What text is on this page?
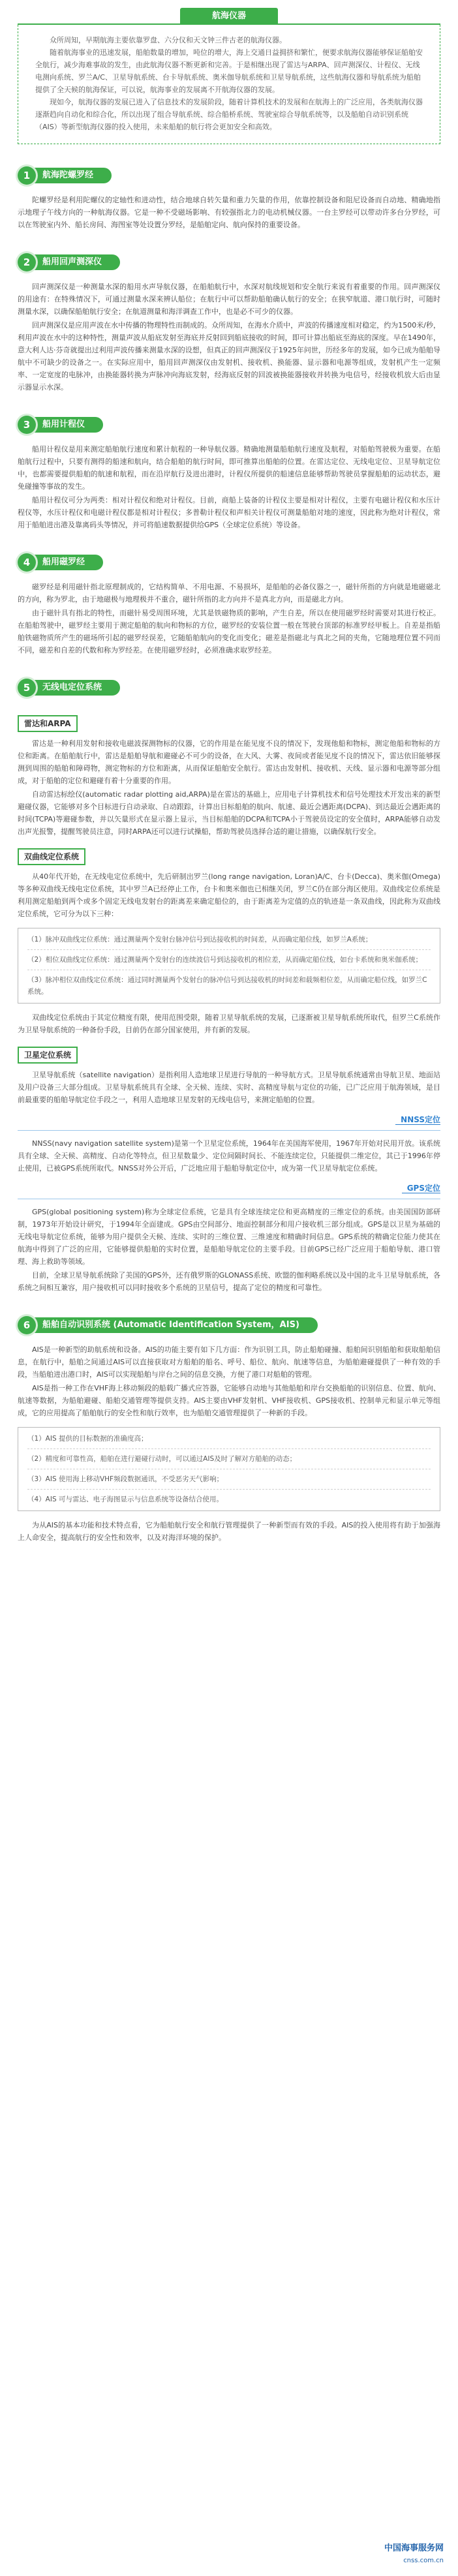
航海仪器

众所周知，早期航海主要依靠罗盘、六分仪和天文钟三件古老的航海仪器。

随着航海事业的迅速发展，船舶数量的增加，吨位的增大，海上交通日益拥挤和繁忙，便要求航海仪器能够保证船舶安全航行，减少海难事故的发生，由此航海仪器不断更新和完善。于是相继出现了雷达与ARPA、回声测深仪、计程仪、无线电测向系统、罗兰A/C、卫星导航系统、台卡导航系统、奥米伽导航系统和卫星导航系统，这些航海仪器和导航系统为船舶提供了全天候的航海保证，可以说，航海事业的发展离不开航海仪器的发展。

现如今，航海仪器的发展已进入了信息技术的发展阶段，随着计算机技术的发展和在航海上的广泛应用，各类航海仪器逐渐趋向自动化和综合化，所以出现了组合导航系统、综合船桥系统、驾驶室综合导航系统等，以及船舶自动识别系统（AIS）等新型航海仪器的投入使用，未来船舶的航行将会更加安全和高效。

1	航海陀螺罗经

陀螺罗经是利用陀螺仪的定轴性和进动性，结合地球自转矢量和重力矢量的作用，依靠控制设备和阻尼设备而自动地、精确地指示地理子午线方向的一种航海仪器。它是一种不受磁场影响、有较强指北力的电动机械仪器。一台主罗经可以带动许多台分罗经，可以在驾驶室内外、船长房间、海图室等处设置分罗经，是船舶定向、航向保持的重要设备。

2	船用回声测深仪

回声测深仪是一种测量水深的船用水声导航仪器，在船舶航行中，水深对航线规划和安全航行来说有着重要的作用。回声测深仪的用途有：在特殊情况下，可通过测量水深来辨认船位；在航行中可以帮助船舶确认航行的安全；在狭窄航道、港口航行时，可随时测量水深，以确保船舶航行安全；在航道测量和海洋调查工作中，也是必不可少的仪器。

回声测深仪是应用声波在水中传播的物理特性而制成的。众所周知，在海水介质中，声波的传播速度相对稳定，约为1500米/秒，利用声波在水中的这种特性，测量声波从船底发射至海底并反射回到船底接收的时间，即可计算出船底至海底的深度。早在1490年，意大利人达·芬奇就提出过利用声波传播来测量水深的设想，但真正的回声测深仪于1925年问世，历经多年的发展，如今已成为船舶导航中不可缺少的设备之一。在实际应用中，船用回声测深仪由发射机、接收机、换能器、显示器和电源等组成，发射机产生一定频率、一定宽度的电脉冲，由换能器转换为声脉冲向海底发射，经海底反射的回波被换能器接收并转换为电信号，经接收机放大后由显示器显示水深。

3	船用计程仪

船用计程仪是用来测定船舶航行速度和累计航程的一种导航仪器。精确地测量船舶航行速度及航程，对船舶驾驶极为重要。在船舶航行过程中，只要有测得的船速和航向，结合船舶的航行时间，即可推算出船舶的位置。在雷达定位、无线电定位、卫星导航定位中，也都需要提供船舶的航速和航程，而在沿岸航行及进出港时，计程仪所提供的船速信息能够帮助驾驶员掌握船舶的运动状态，避免碰撞等事故的发生。

船用计程仪可分为两类：相对计程仪和绝对计程仪。目前，商船上装备的计程仪主要是相对计程仪，主要有电磁计程仪和水压计程仪等，水压计程仪和电磁计程仪都是相对计程仪；多普勒计程仪和声相关计程仪可测量船舶对地的速度，因此称为绝对计程仪，常用于船舶进出港及靠离码头等情况，并可将船速数据提供给GPS（全球定位系统）等设备。

4	船用磁罗经

磁罗经是利用磁针指北原理制成的，它结构简单、不用电源、不易损坏，是船舶的必备仪器之一，磁针所指的方向就是地磁磁北的方向，称为罗北，由于地磁极与地理极并不重合，磁针所指的北方向并不是真北方向，而是磁北方向。

由于磁针具有指北的特性，而磁针易受周围环境，尤其是铁磁物质的影响，产生自差，所以在使用磁罗经时需要对其进行校正。在船舶驾驶中，磁罗经主要用于测定船舶的航向和物标的方位，磁罗经的安装位置一般在驾驶台顶部的标准罗经甲板上。自差是指船舶铁磁物质所产生的磁场所引起的磁罗经误差，它随船舶航向的变化而变化；磁差是指磁北与真北之间的夹角，它随地理位置不同而不同，磁差和自差的代数和称为罗经差。在使用磁罗经时，必须准确求取罗经差。

5	无线电定位系统
雷达和ARPA

雷达是一种利用发射和接收电磁波探测物标的仪器，它的作用是在能见度不良的情况下，发现他船和物标，测定他船和物标的方位和距离。在船舶航行中，雷达是船舶导航和避碰必不可少的设备，在大风、大雾、夜间或者能见度不良的情况下，雷达依旧能够探测到周围的船舶和障碍物，测定物标的方位和距离，从而保证船舶安全航行。雷达由发射机、接收机、天线、显示器和电源等部分组成，对于船舶的定位和避碰有着十分重要的作用。

自动雷达标绘仪(automatic radar plotting aid,ARPA)是在雷达的基础上，应用电子计算机技术和信号处理技术开发出来的新型避碰仪器，它能够对多个目标进行自动录取、自动跟踪，计算出目标船舶的航向、航速、最近会遇距离(DCPA)、到达最近会遇距离的时间(TCPA)等避碰参数，并以矢量形式在显示器上显示，当目标船舶的DCPA和TCPA小于驾驶员设定的安全值时，ARPA能够自动发出声光报警，提醒驾驶员注意，同时ARPA还可以进行试操船，帮助驾驶员选择合适的避让措施，以确保航行安全。

双曲线定位系统

从40年代开始，在无线电定位系统中，先后研制出罗兰(long range navigation, Loran)A/C、台卡(Decca)、奥米伽(Omega)等多种双曲线无线电定位系统，其中罗兰A已经停止工作，台卡和奥米伽也已相继关闭，罗兰C仍在部分海区使用。双曲线定位系统是利用测定船舶到两个或多个固定无线电发射台的距离差来确定船位的，由于距离差为定值的点的轨迹是一条双曲线，因此称为双曲线定位系统，它可分为以下三种：

（1）脉冲双曲线定位系统：通过测量两个发射台脉冲信号到达接收机的时间差，从而确定船位线，如罗兰A系统；

（2）相位双曲线定位系统：通过测量两个发射台的连续波信号到达接收机的相位差，从而确定船位线，如台卡系统和奥米伽系统；

（3）脉冲相位双曲线定位系统：通过同时测量两个发射台的脉冲信号到达接收机的时间差和载频相位差，从而确定船位线，如罗兰C系统。

双曲线定位系统由于其定位精度有限，使用范围受限，随着卫星导航系统的发展，已逐渐被卫星导航系统所取代，但罗兰C系统作为卫星导航系统的一种备份手段，目前仍在部分国家使用，并有新的发展。

卫星定位系统

卫星导航系统（satellite navigation）是指利用人造地球卫星进行导航的一种导航方式。卫星导航系统通常由导航卫星、地面站及用户设备三大部分组成。卫星导航系统具有全球、全天候、连续、实时、高精度导航与定位的功能，已广泛应用于航海领域，是目前最重要的船舶导航定位手段之一，利用人造地球卫星发射的无线电信号，来测定船舶的位置。

NNSS定位

NNSS(navy navigation satellite system)是第一个卫星定位系统，1964年在美国海军使用，1967年开始对民用开放。该系统具有全球、全天候、高精度、自动化等特点，但卫星数量少、定位间隔时间长、不能连续定位，只能提供二维定位，其已于1996年停止使用，已被GPS系统所取代。NNSS对外公开后，广泛地应用于船舶导航定位中，成为第一代卫星导航定位系统。

GPS定位

GPS(global positioning system)称为全球定位系统，它是具有全球连续定位和更高精度的三维定位的系统。由美国国防部研制，1973年开始设计研究，于1994年全面建成。GPS由空间部分、地面控制部分和用户接收机三部分组成。GPS是以卫星为基础的无线电导航定位系统，能够为用户提供全天候、连续、实时的三维位置、三维速度和精确时间信息。GPS系统的精确定位能力使其在航海中得到了广泛的应用，它能够提供船舶的实时位置，是船舶导航定位的主要手段。目前GPS已经广泛应用于船舶导航、港口管理、海上救助等领域。

目前，全球卫星导航系统除了美国的GPS外，还有俄罗斯的GLONASS系统、欧盟的伽利略系统以及中国的北斗卫星导航系统，各系统之间相互兼容，用户接收机可以同时接收多个系统的卫星信号，提高了定位的精度和可靠性。

6	船舶自动识别系统 (Automatic Identification System，AIS)

AIS是一种新型的助航系统和设备。AIS的功能主要有如下几方面：作为识别工具，防止船舶碰撞、船舶间识别船舶和获取船舶信息，在航行中，船舶之间通过AIS可以直接获取对方船舶的船名、呼号、船位、航向、航速等信息，为船舶避碰提供了一种有效的手段，当船舶进出港口时，AIS可以实现船舶与岸台之间的信息交换，方便了港口对船舶的管理。

AIS是指一种工作在VHF海上移动频段的船载广播式应答器，它能够自动地与其他船舶和岸台交换船舶的识别信息、位置、航向、航速等数据，为船舶避碰、船舶交通管理等提供支持。AIS主要由VHF发射机、VHF接收机、GPS接收机、控制单元和显示单元等组成，它的应用提高了船舶航行的安全性和航行效率，也为船舶交通管理提供了一种新的手段。

（1）AIS 提供的目标数据的准确度高；

（2）精度和可靠性高，船舶在进行避碰行动时，可以通过AIS及时了解对方船舶的动态；

（3）AIS 使用海上移动VHF频段数据通讯，不受恶劣天气影响；

（4）AIS 可与雷达、电子海图显示与信息系统等设备结合使用。

为从AIS的基本功能和技术特点看，它为船舶航行安全和航行管理提供了一种新型而有效的手段。AIS的投入使用将有助于加强海上人命安全，提高航行的安全性和效率，以及对海洋环境的保护。

中国海事服务网
cnss.com.cn
